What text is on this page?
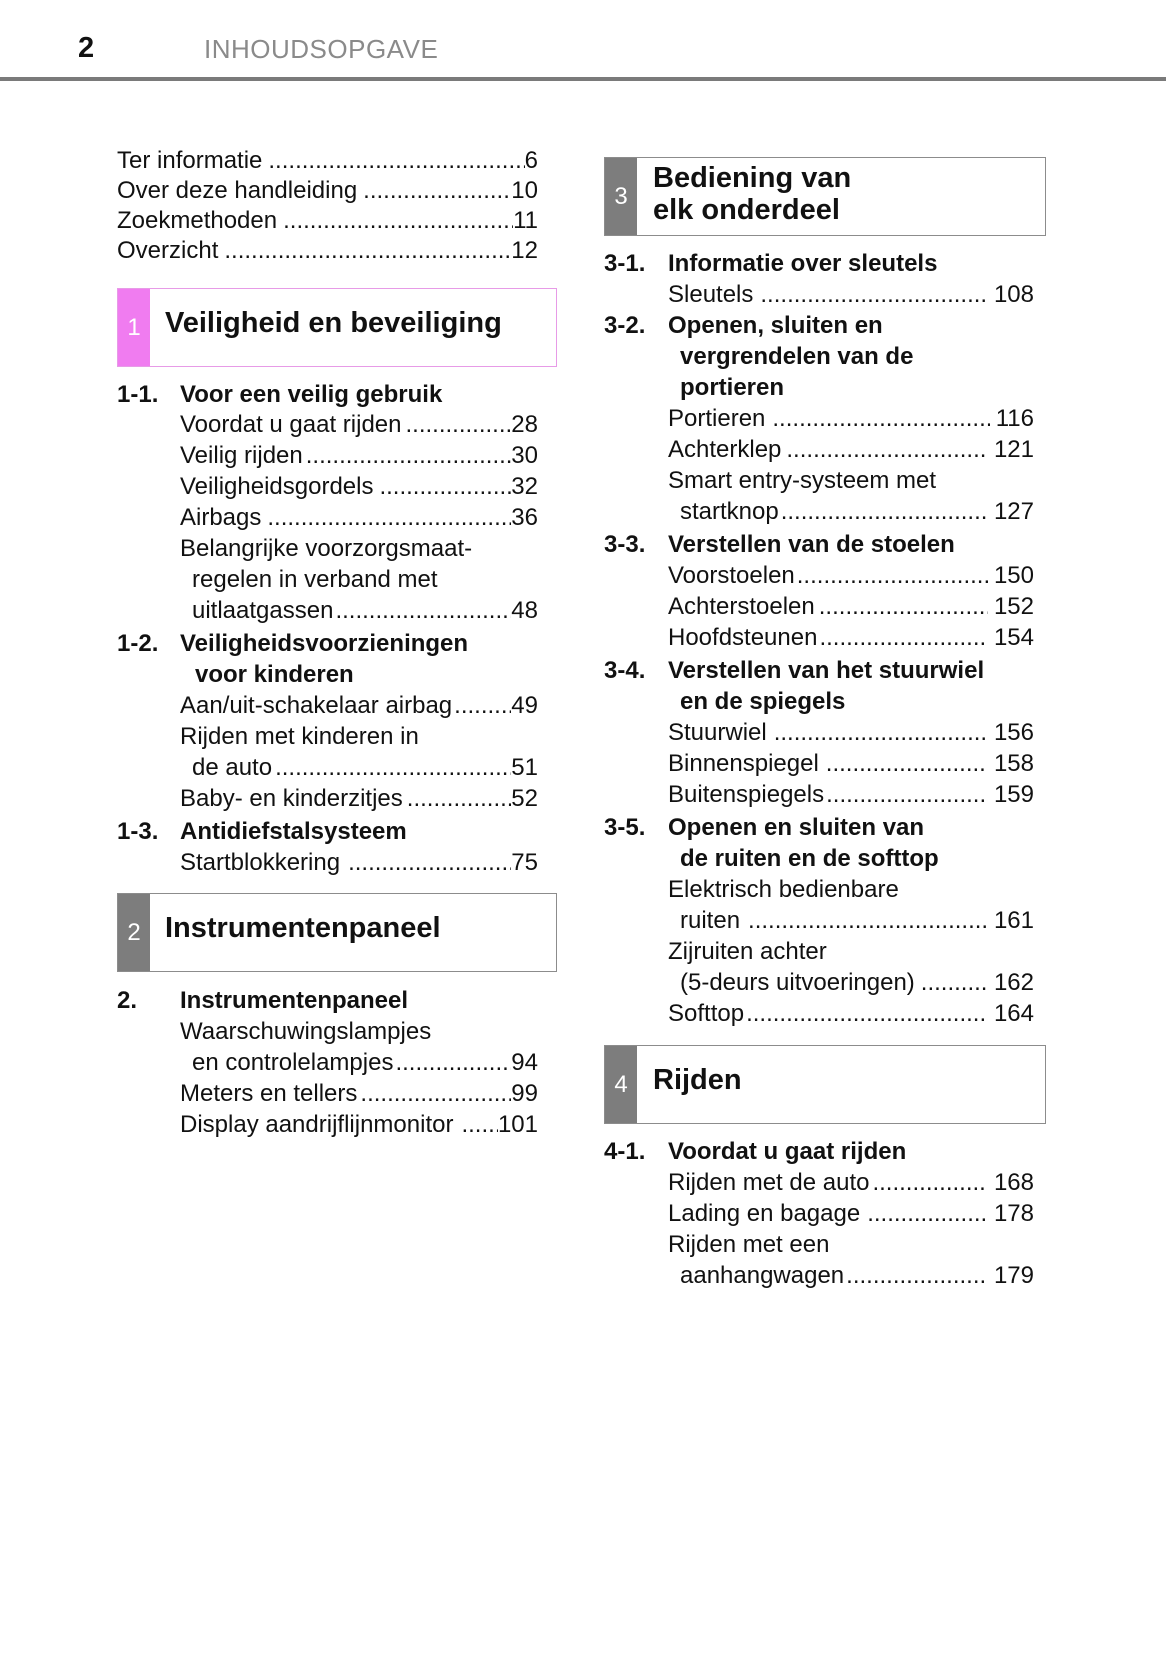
2	INHOUDSOPGAVE
Ter informatie .....	6
Over deze handleiding .....	10
Zoekmethoden .....	11
Overzicht .....	12
1 Veiligheid en beveiliging
1-1. Voor een veilig gebruik
Voordat u gaat rijden .....	28
Veilig rijden .....	30
Veiligheidsgordels .....	32
Airbags .....	36
Belangrijke voorzorgsmaat-
regelen in verband met
uitlaatgassen .....	48
1-2. Veiligheidsvoorzieningen
voor kinderen
Aan/uit-schakelaar airbag ..... 49
Rijden met kinderen in
de auto .....	51
Baby- en kinderzitjes .....	52
1-3. Antidiefstalsysteem
Startblokkering .....	75
2 Instrumentenpaneel
2. Instrumentenpaneel
Waarschuwingslampjes
en controlelampjes .....	94
Meters en tellers .....	99
Display aandrijflijnmonitor ..... 101
3
Bediening van
elk onderdeel
3-1. Informatie over sleutels
Sleutels .....	108
3-2. Openen, sluiten en
vergrendelen van de
portieren
Portieren .....	116
Achterklep .....	121
Smart entry-systeem met
startknop .....	127
3-3. Verstellen van de stoelen
Voorstoelen .....	150
Achterstoelen .....	152
Hoofdsteunen .....	154
3-4. Verstellen van het stuurwiel
en de spiegels
Stuurwiel .....	156
Binnenspiegel .....	158
Buitenspiegels .....	159
3-5. Openen en sluiten van
de ruiten en de softtop
Elektrisch bedienbare
ruiten .....	161
Zijruiten achter
(5-deurs uitvoeringen) .....	162
Softtop .....	164
4 Rijden
4-1. Voordat u gaat rijden
Rijden met de auto .....	168
Lading en bagage .....	178
Rijden met een
aanhangwagen .....	179
